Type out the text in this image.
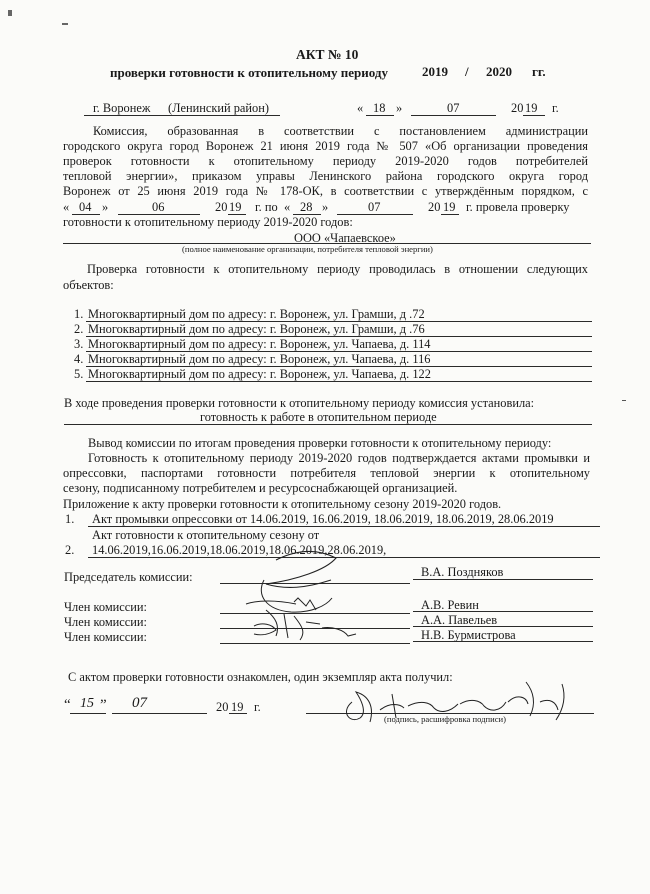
АКТ № 10
проверки готовности к отопительному периоду	2019 / 2020 гг.
г. Воронеж (Ленинский район)	« 18 »	07	20 19 г.
Комиссия, образованная в соответствии с постановлением администрации
городского округа город Воронеж 21 июня 2019 года № 507 «Об организации проведения
проверок готовности к отопительному периоду 2019-2020 годов потребителей
тепловой энергии», приказом управы Ленинского района городского округа город
Воронеж от 25 июня 2019 года № 178-ОК, в соответствии с утверждённым порядком, с
« 04 »	06	20 19 г. по « 28 »	07	20 19 г. провела проверку
готовности к отопительному периоду 2019-2020 годов:
ООО «Чапаевское»
(полное наименование организации, потребителя тепловой энергии)
Проверка готовности к отопительному периоду проводилась в отношении следующих
объектов:
1. Многоквартирный дом по адресу: г. Воронеж, ул. Грамши, д .72
2. Многоквартирный дом по адресу: г. Воронеж, ул. Грамши, д .76
3. Многоквартирный дом по адресу: г. Воронеж, ул. Чапаева, д. 114
4. Многоквартирный дом по адресу: г. Воронеж, ул. Чапаева, д. 116
5. Многоквартирный дом по адресу: г. Воронеж, ул. Чапаева, д. 122
В ходе проведения проверки готовности к отопительному периоду комиссия установила:
готовность к работе в отопительном периоде
Вывод комиссии по итогам проведения проверки готовности к отопительному периоду:
Готовность к отопительному периоду 2019-2020 годов подтверждается актами промывки и
опрессовки, паспортами готовности потребителя тепловой энергии к отопительному
сезону, подписанному потребителем и ресурсоснабжающей организацией.
Приложение к акту проверки готовности к отопительному сезону 2019-2020 годов.
1. Акт промывки опрессовки от 14.06.2019, 16.06.2019, 18.06.2019, 18.06.2019, 28.06.2019
Акт готовности к отопительному сезону от
2. 14.06.2019,16.06.2019,18.06.2019,18.06.2019,28.06.2019,
Председатель комиссии:	В.А. Поздняков
Член комиссии:	А.В. Ревин
Член комиссии:	А.А. Павельев
Член комиссии:	Н.В. Бурмистрова
С актом проверки готовности ознакомлен, один экземпляр акта получил:
“ 15 ” 07	20 19 г.
(подпись, расшифровка подписи)
